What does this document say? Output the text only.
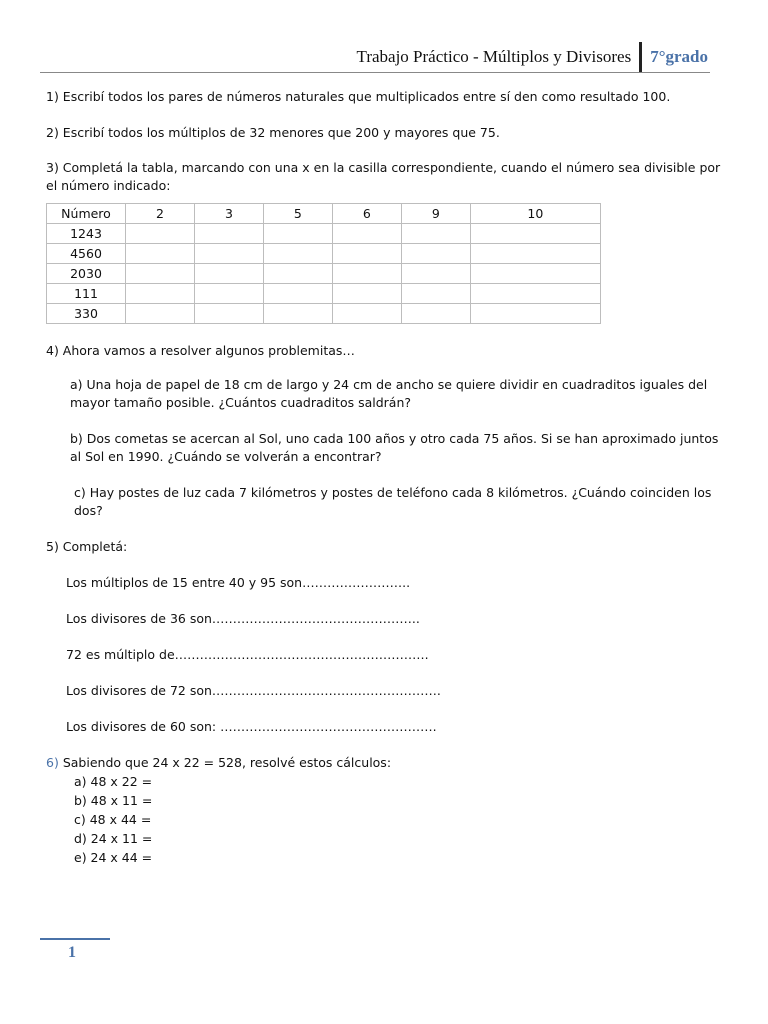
Trabajo Práctico - Múltiplos y Divisores	7°grado

1) Escribí todos los pares de números naturales que multiplicados entre sí den como resultado 100.

2) Escribí todos los múltiplos de 32 menores que 200 y mayores que 75.

3) Completá la tabla, marcando con una x en la casilla correspondiente, cuando el número sea divisible por el número indicado:

Número	2	3	5	6	9	10
1243						
4560						
2030						
111						
330						

4) Ahora vamos a resolver algunos problemitas…

a) Una hoja de papel de 18 cm de largo y 24 cm de ancho se quiere dividir en cuadraditos iguales del mayor tamaño posible. ¿Cuántos cuadraditos saldrán?

b) Dos cometas se acercan al Sol, uno cada 100 años y otro cada 75 años. Si se han aproximado juntos al Sol en 1990. ¿Cuándo se volverán a encontrar?

c) Hay postes de luz cada 7 kilómetros y postes de teléfono cada 8 kilómetros. ¿Cuándo coinciden los dos?

5) Completá:

Los múltiplos de 15 entre 40 y 95 son……………………..

Los divisores de 36 son…………………………………………..

72 es múltiplo de…………………………………………………….

Los divisores de 72 son……………………………………………….

Los divisores de 60 son: …………………………………………….

6) Sabiendo que 24 x 22 = 528, resolvé estos cálculos:

a) 48 x 22 =
b) 48 x 11 =
c) 48 x 44 =
d) 24 x 11 =
e) 24 x 44 =
1
